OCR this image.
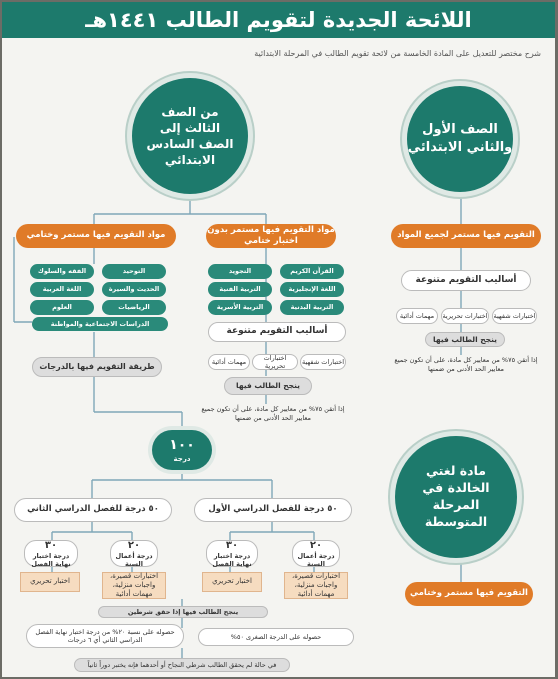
اللائحة الجديدة لتقويم الطالب ١٤٤١هـ
شرح مختصر للتعديل على المادة الخامسة من لائحة تقويم الطالب في المرحلة الابتدائية
الصف الأول والثاني الابتدائي
من الصف الثالث إلى الصف السادس الابتدائي
التقويم فيها مستمر لجميع المواد
أساليب التقويم متنوعة
اختبارات شفهية
اختبارات تحريرية
مهمات أدائية
ينجح الطالب فيها
إذا أتقن ٧٥% من معايير كل مادة، على أن تكون جميع معايير الحد الأدنى من ضمنها
مواد التقويم فيها مستمر بدون اختبار ختامي
القرآن الكريم
التجويد
اللغة الإنجليزية
التربية الفنية
التربية البدنية
التربية الأسرية
أساليب التقويم متنوعة
اختبارات شفهية
اختبارات تحريرية
مهمات أدائية
ينجح الطالب فيها
إذا أتقن ٧٥% من معايير كل مادة، على أن تكون جميع معايير الحد الأدنى من ضمنها
مواد التقويم فيها مستمر وختامي
التوحيد
الفقه والسلوك
الحديث والسيرة
اللغة العربية
الرياضيات
العلوم
الدراسات الاجتماعية والمواطنة
طريقة التقويم فيها بالدرجات
١٠٠
درجة
٥٠ درجة للفصل الدراسي الأول
٥٠ درجة للفصل الدراسي الثاني
٢٠
درجة أعمال السنة
٣٠
درجة اختبار نهاية الفصل
اختبارات قصيرة، واجبات منزلية، مهمات أدائية
اختبار تحريري
٢٠
درجة أعمال السنة
٣٠
درجة اختبار نهاية الفصل
اختبارات قصيرة، واجبات منزلية، مهمات أدائية
اختبار تحريري
ينجح الطالب فيها إذا حقق شرطين
حصوله على الدرجة الصغرى ٥٠%
حصوله على نسبة ٢٠% من درجة اختبار نهاية الفصل الدراسي الثاني أي ٦ درجات
في حالة لم يحقق الطالب شرطي النجاح أو أحدهما فإنه يختبر دوراً ثانياً
مادة لغتي الخالدة في المرحلة المتوسطة
التقويم فيها مستمر وختامي
